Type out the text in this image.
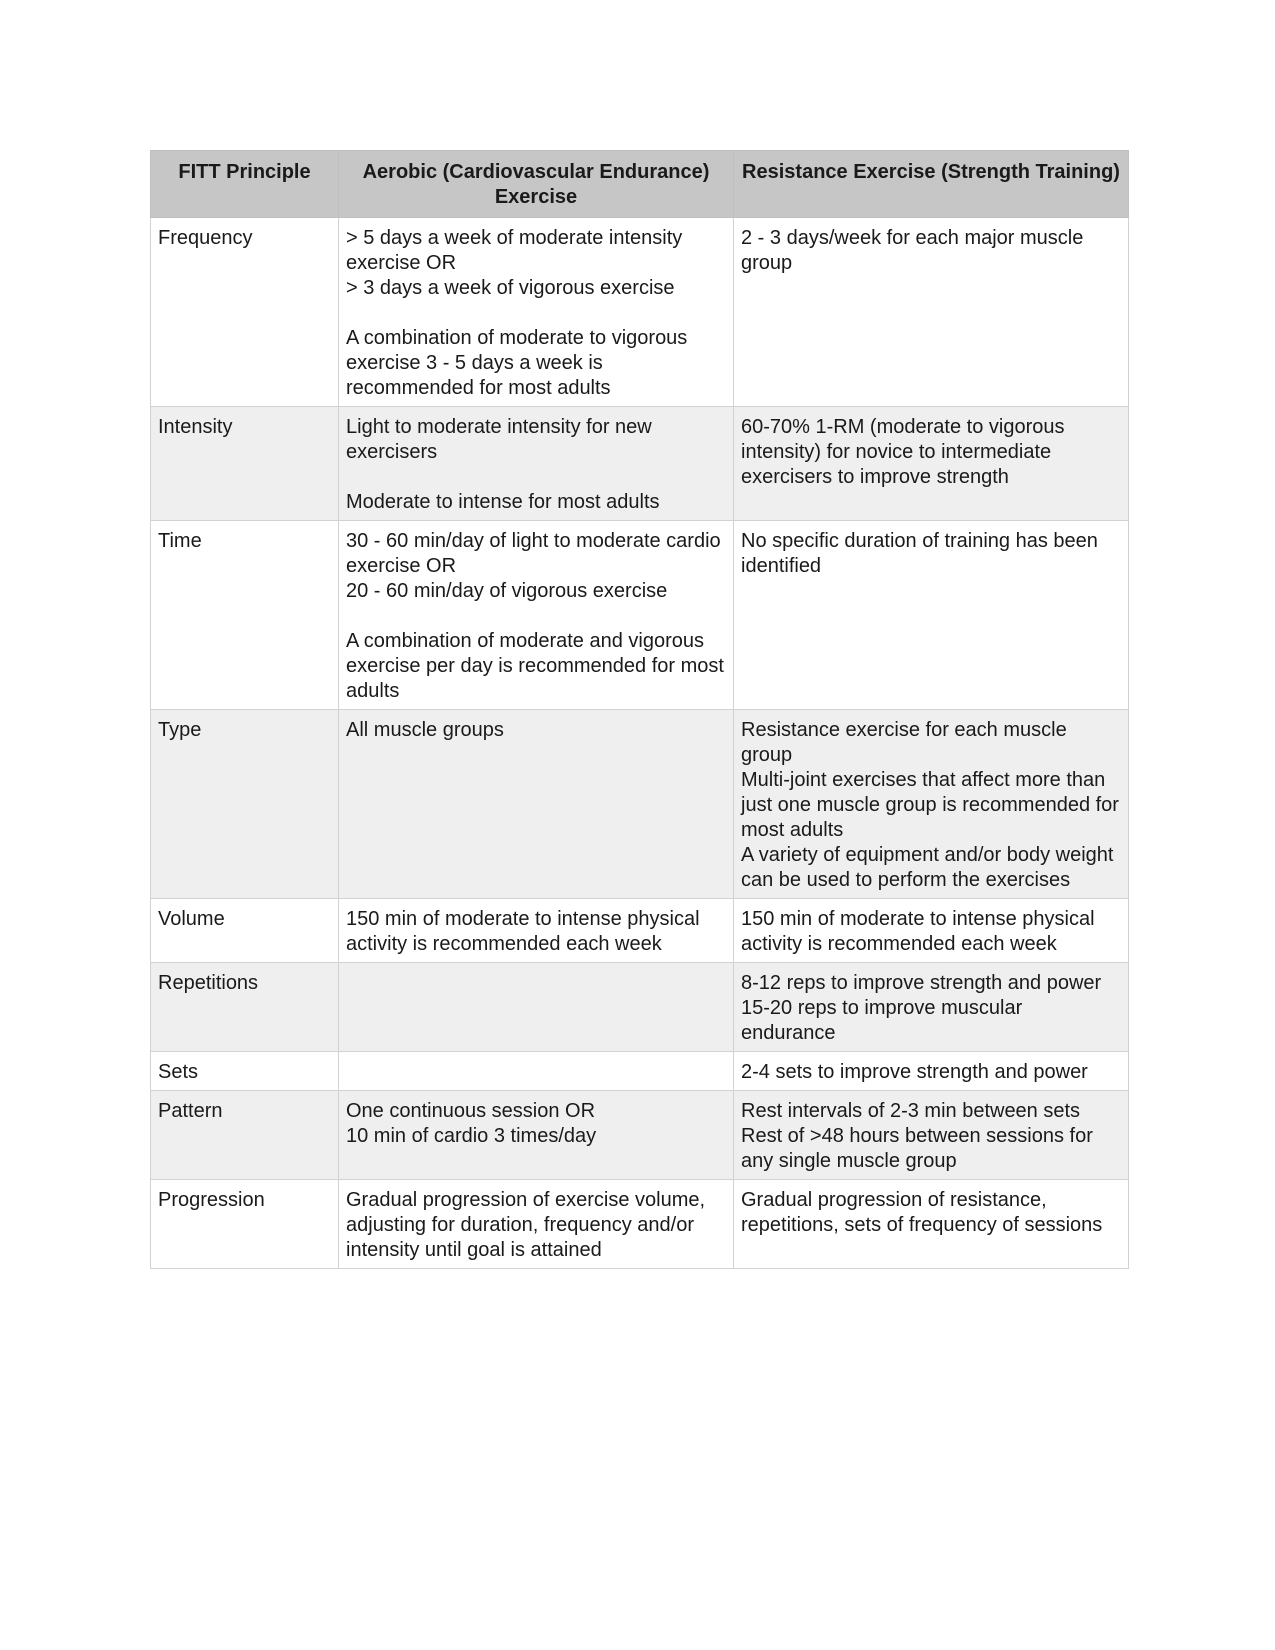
FITT Principle	Aerobic (Cardiovascular Endurance) Exercise	Resistance Exercise (Strength Training)
Frequency	> 5 days a week of moderate intensity exercise OR
> 3 days a week of vigorous exercise

A combination of moderate to vigorous exercise 3 - 5 days a week is recommended for most adults	2 - 3 days/week for each major muscle group
Intensity	Light to moderate intensity for new exercisers

Moderate to intense for most adults	60-70% 1-RM (moderate to vigorous intensity) for novice to intermediate exercisers to improve strength
Time	30 - 60 min/day of light to moderate cardio exercise OR
20 - 60 min/day of vigorous exercise

A combination of moderate and vigorous exercise per day is recommended for most adults	No specific duration of training has been identified
Type	All muscle groups	Resistance exercise for each muscle group
Multi-joint exercises that affect more than just one muscle group is recommended for most adults
A variety of equipment and/or body weight can be used to perform the exercises
Volume	150 min of moderate to intense physical activity is recommended each week	150 min of moderate to intense physical activity is recommended each week
Repetitions		8-12 reps to improve strength and power
15-20 reps to improve muscular endurance
Sets		2-4 sets to improve strength and power
Pattern	One continuous session OR
10 min of cardio 3 times/day	Rest intervals of 2-3 min between sets
Rest of >48 hours between sessions for any single muscle group
Progression	Gradual progression of exercise volume, adjusting for duration, frequency and/or intensity until goal is attained	Gradual progression of resistance, repetitions, sets of frequency of sessions
